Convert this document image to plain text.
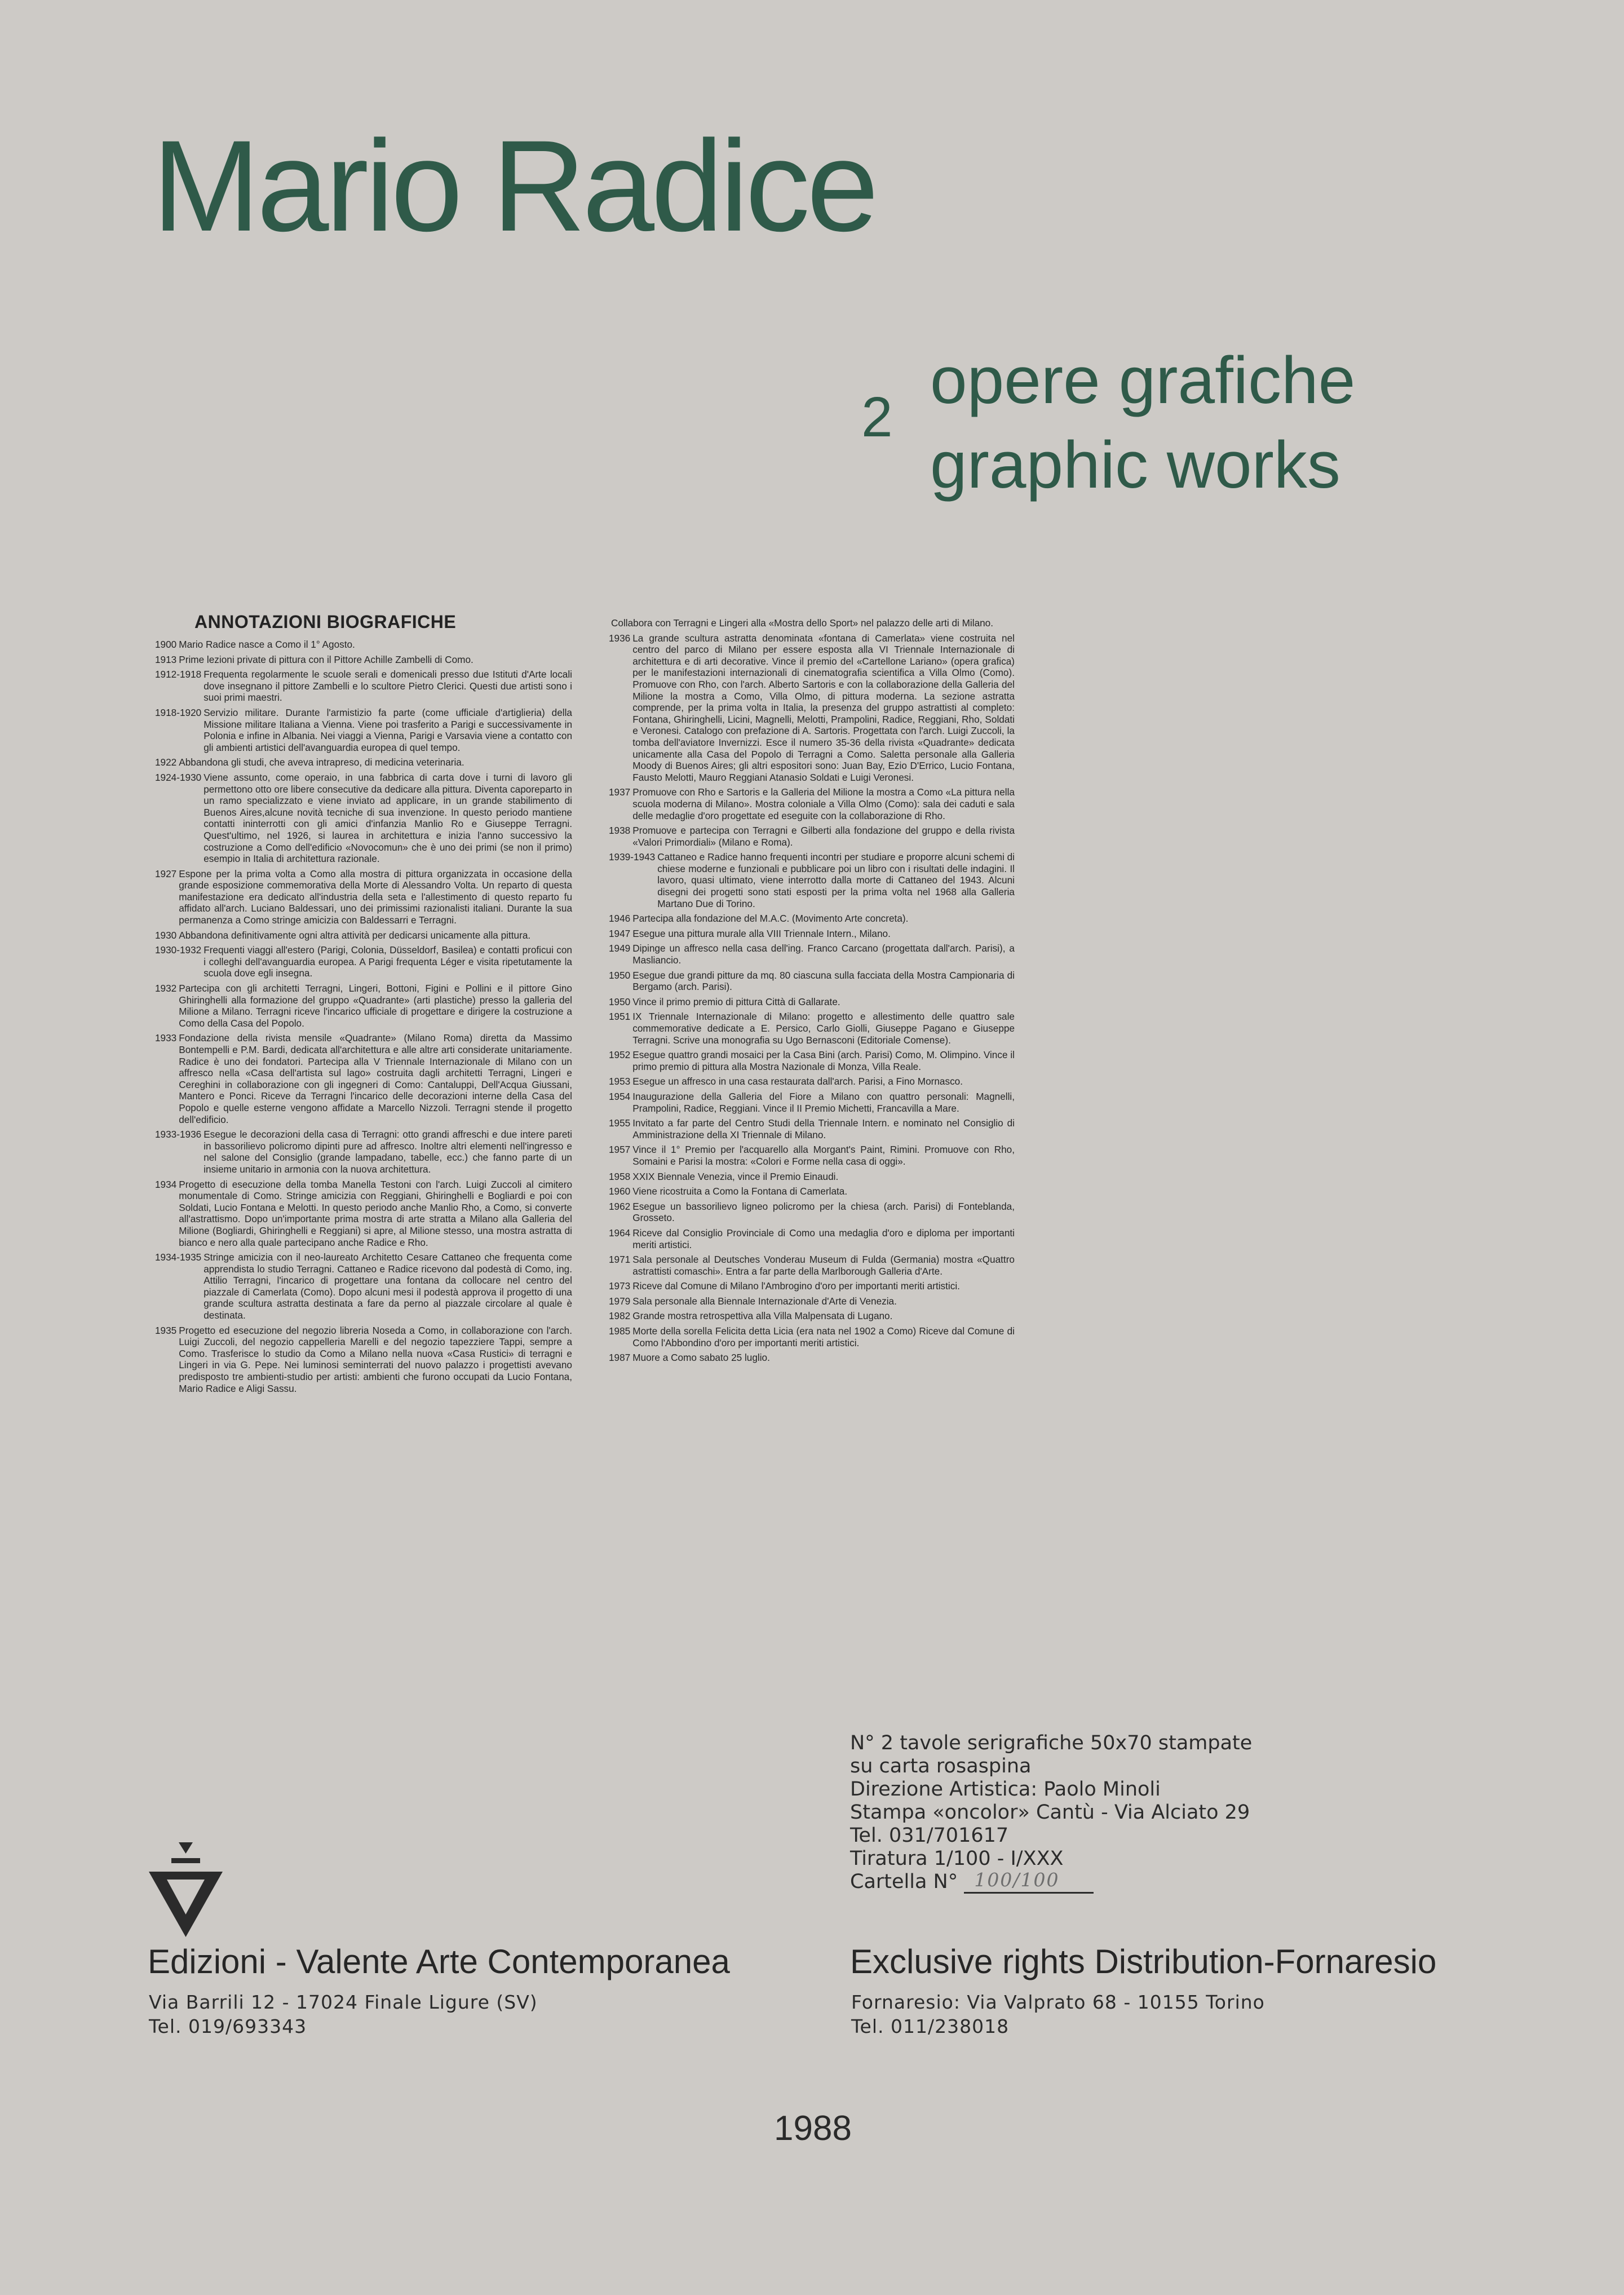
Mario Radice
2 opere grafiche
graphic works
ANNOTAZIONI BIOGRAFICHE
1900 Mario Radice nasce a Como il 1° Agosto.
1913 Prime lezioni private di pittura con il Pittore Achille Zambelli di Como.
1912-1918 Frequenta regolarmente le scuole serali e domenicali presso due Istituti d'Arte locali dove insegnano il pittore Zambelli e lo scultore Pietro Clerici. Questi due artisti sono i suoi primi maestri.
1918-1920 Servizio militare. Durante l'armistizio fa parte (come ufficiale d'artiglieria) della Missione militare Italiana a Vienna. Viene poi trasferito a Parigi e successivamente in Polonia e infine in Albania. Nei viaggi a Vienna, Parigi e Varsavia viene a contatto con gli ambienti artistici dell'avanguardia europea di quel tempo.
1922 Abbandona gli studi, che aveva intrapreso, di medicina veterinaria.
1924-1930 Viene assunto, come operaio, in una fabbrica di carta dove i turni di lavoro gli permettono otto ore libere consecutive da dedicare alla pittura. Diventa caporeparto in un ramo specializzato e viene inviato ad applicare, in un grande stabilimento di Buenos Aires,alcune novità tecniche di sua invenzione. In questo periodo mantiene contatti ininterrotti con gli amici d'infanzia Manlio Ro e Giuseppe Terragni. Quest'ultimo, nel 1926, si laurea in architettura e inizia l'anno successivo la costruzione a Como dell'edificio «Novocomun» che è uno dei primi (se non il primo) esempio in Italia di architettura razionale.
1927 Espone per la prima volta a Como alla mostra di pittura organizzata in occasione della grande esposizione commemorativa della Morte di Alessandro Volta. Un reparto di questa manifestazione era dedicato all'industria della seta e l'allestimento di questo reparto fu affidato all'arch. Luciano Baldessari, uno dei primissimi razionalisti italiani. Durante la sua permanenza a Como stringe amicizia con Baldessarri e Terragni.
1930 Abbandona definitivamente ogni altra attività per dedicarsi unicamente alla pittura.
1930-1932 Frequenti viaggi all'estero (Parigi, Colonia, Düsseldorf, Basilea) e contatti proficui con i colleghi dell'avanguardia europea. A Parigi frequenta Léger e visita ripetutamente la scuola dove egli insegna.
1932 Partecipa con gli architetti Terragni, Lingeri, Bottoni, Figini e Pollini e il pittore Gino Ghiringhelli alla formazione del gruppo «Quadrante» (arti plastiche) presso la galleria del Milione a Milano. Terragni riceve l'incarico ufficiale di progettare e dirigere la costruzione a Como della Casa del Popolo.
1933 Fondazione della rivista mensile «Quadrante» (Milano Roma) diretta da Massimo Bontempelli e P.M. Bardi, dedicata all'architettura e alle altre arti considerate unitariamente. Radice è uno dei fondatori. Partecipa alla V Triennale Internazionale di Milano con un affresco nella «Casa dell'artista sul lago» costruita dagli architetti Terragni, Lingeri e Cereghini in collaborazione con gli ingegneri di Como: Cantaluppi, Dell'Acqua Giussani, Mantero e Ponci. Riceve da Terragni l'incarico delle decorazioni interne della Casa del Popolo e quelle esterne vengono affidate a Marcello Nizzoli. Terragni stende il progetto dell'edificio.
1933-1936 Esegue le decorazioni della casa di Terragni: otto grandi affreschi e due intere pareti in bassorilievo policromo dipinti pure ad affresco. Inoltre altri elementi nell'ingresso e nel salone del Consiglio (grande lampadano, tabelle, ecc.) che fanno parte di un insieme unitario in armonia con la nuova architettura.
1934 Progetto di esecuzione della tomba Manella Testoni con l'arch. Luigi Zuccoli al cimitero monumentale di Como. Stringe amicizia con Reggiani, Ghiringhelli e Bogliardi e poi con Soldati, Lucio Fontana e Melotti. In questo periodo anche Manlio Rho, a Como, si converte all'astrattismo. Dopo un'importante prima mostra di arte stratta a Milano alla Galleria del Milione (Bogliardi, Ghiringhelli e Reggiani) si apre, al Milione stesso, una mostra astratta di bianco e nero alla quale partecipano anche Radice e Rho.
1934-1935 Stringe amicizia con il neo-laureato Architetto Cesare Cattaneo che frequenta come apprendista lo studio Terragni. Cattaneo e Radice ricevono dal podestà di Como, ing. Attilio Terragni, l'incarico di progettare una fontana da collocare nel centro del piazzale di Camerlata (Como). Dopo alcuni mesi il podestà approva il progetto di una grande scultura astratta destinata a fare da perno al piazzale circolare al quale è destinata.
1935 Progetto ed esecuzione del negozio libreria Noseda a Como, in collaborazione con l'arch. Luigi Zuccoli, del negozio cappelleria Marelli e del negozio tapezziere Tappi, sempre a Como. Trasferisce lo studio da Como a Milano nella nuova «Casa Rustici» di terragni e Lingeri in via G. Pepe. Nei luminosi seminterrati del nuovo palazzo i progettisti avevano predisposto tre ambienti-studio per artisti: ambienti che furono occupati da Lucio Fontana, Mario Radice e Aligi Sassu.
Collabora con Terragni e Lingeri alla «Mostra dello Sport» nel palazzo delle arti di Milano.
1936 La grande scultura astratta denominata «fontana di Camerlata» viene costruita nel centro del parco di Milano per essere esposta alla VI Triennale Internazionale di architettura e di arti decorative. Vince il premio del «Cartellone Lariano» (opera grafica) per le manifestazioni internazionali di cinematografia scientifica a Villa Olmo (Como). Promuove con Rho, con l'arch. Alberto Sartoris e con la collaborazione della Galleria del Milione la mostra a Como, Villa Olmo, di pittura moderna. La sezione astratta comprende, per la prima volta in Italia, la presenza del gruppo astrattisti al completo: Fontana, Ghiringhelli, Licini, Magnelli, Melotti, Prampolini, Radice, Reggiani, Rho, Soldati e Veronesi. Catalogo con prefazione di A. Sartoris. Progettata con l'arch. Luigi Zuccoli, la tomba dell'aviatore Invernizzi. Esce il numero 35-36 della rivista «Quadrante» dedicata unicamente alla Casa del Popolo di Terragni a Como. Saletta personale alla Galleria Moody di Buenos Aires; gli altri espositori sono: Juan Bay, Ezio D'Errico, Lucio Fontana, Fausto Melotti, Mauro Reggiani Atanasio Soldati e Luigi Veronesi.
1937 Promuove con Rho e Sartoris e la Galleria del Milione la mostra a Como «La pittura nella scuola moderna di Milano». Mostra coloniale a Villa Olmo (Como): sala dei caduti e sala delle medaglie d'oro progettate ed eseguite con la collaborazione di Rho.
1938 Promuove e partecipa con Terragni e Gilberti alla fondazione del gruppo e della rivista «Valori Primordiali» (Milano e Roma).
1939-1943 Cattaneo e Radice hanno frequenti incontri per studiare e proporre alcuni schemi di chiese moderne e funzionali e pubblicare poi un libro con i risultati delle indagini. Il lavoro, quasi ultimato, viene interrotto dalla morte di Cattaneo del 1943. Alcuni disegni dei progetti sono stati esposti per la prima volta nel 1968 alla Galleria Martano Due di Torino.
1946 Partecipa alla fondazione del M.A.C. (Movimento Arte concreta).
1947 Esegue una pittura murale alla VIII Triennale Intern., Milano.
1949 Dipinge un affresco nella casa dell'ing. Franco Carcano (progettata dall'arch. Parisi), a Masliancio.
1950 Esegue due grandi pitture da mq. 80 ciascuna sulla facciata della Mostra Campionaria di Bergamo (arch. Parisi).
1950 Vince il primo premio di pittura Città di Gallarate.
1951 IX Triennale Internazionale di Milano: progetto e allestimento delle quattro sale commemorative dedicate a E. Persico, Carlo Giolli, Giuseppe Pagano e Giuseppe Terragni. Scrive una monografia su Ugo Bernasconi (Editoriale Comense).
1952 Esegue quattro grandi mosaici per la Casa Bini (arch. Parisi) Como, M. Olimpino. Vince il primo premio di pittura alla Mostra Nazionale di Monza, Villa Reale.
1953 Esegue un affresco in una casa restaurata dall'arch. Parisi, a Fino Mornasco.
1954 Inaugurazione della Galleria del Fiore a Milano con quattro personali: Magnelli, Prampolini, Radice, Reggiani. Vince il II Premio Michetti, Francavilla a Mare.
1955 Invitato a far parte del Centro Studi della Triennale Intern. e nominato nel Consiglio di Amministrazione della XI Triennale di Milano.
1957 Vince il 1° Premio per l'acquarello alla Morgant's Paint, Rimini. Promuove con Rho, Somaini e Parisi la mostra: «Colori e Forme nella casa di oggi».
1958 XXIX Biennale Venezia, vince il Premio Einaudi.
1960 Viene ricostruita a Como la Fontana di Camerlata.
1962 Esegue un bassorilievo ligneo policromo per la chiesa (arch. Parisi) di Fonteblanda, Grosseto.
1964 Riceve dal Consiglio Provinciale di Como una medaglia d'oro e diploma per importanti meriti artistici.
1971 Sala personale al Deutsches Vonderau Museum di Fulda (Germania) mostra «Quattro astrattisti comaschi». Entra a far parte della Marlborough Galleria d'Arte.
1973 Riceve dal Comune di Milano l'Ambrogino d'oro per importanti meriti artistici.
1979 Sala personale alla Biennale Internazionale d'Arte di Venezia.
1982 Grande mostra retrospettiva alla Villa Malpensata di Lugano.
1985 Morte della sorella Felicita detta Licia (era nata nel 1902 a Como) Riceve dal Comune di Como l'Abbondino d'oro per importanti meriti artistici.
1987 Muore a Como sabato 25 luglio.
N° 2 tavole serigrafiche 50x70 stampate
su carta rosaspina
Direzione Artistica: Paolo Minoli
Stampa «oncolor» Cantù - Via Alciato 29
Tel. 031/701617
Tiratura 1/100 - I/XXX
Cartella N° 100/100
Edizioni - Valente Arte Contemporanea
Via Barrili 12 - 17024 Finale Ligure (SV)
Tel. 019/693343
Exclusive rights Distribution-Fornaresio
Fornaresio: Via Valprato 68 - 10155 Torino
Tel. 011/238018
1988
